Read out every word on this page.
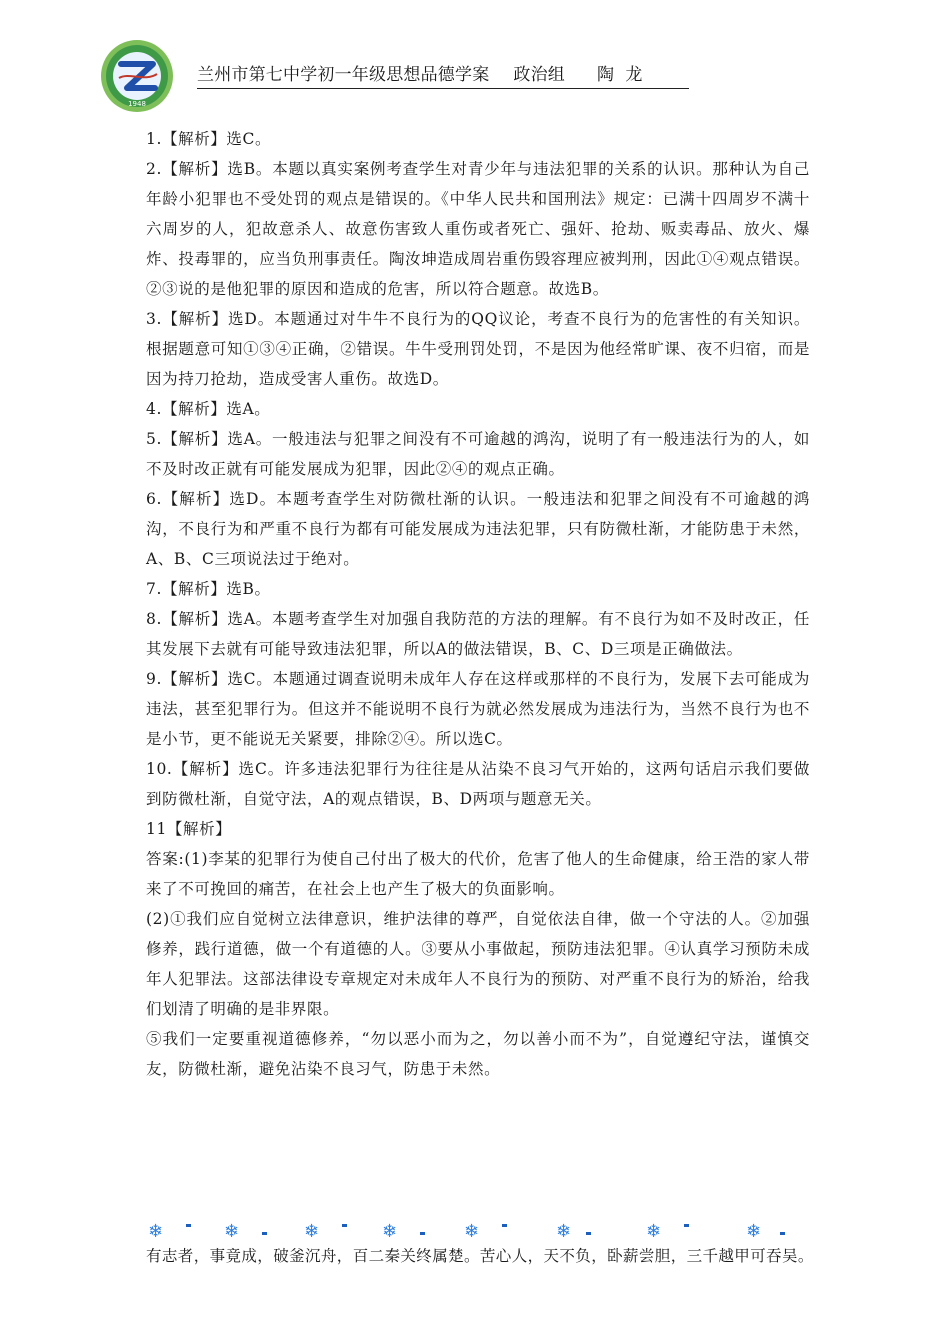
1948
兰州市第七中学初一年级思想品德学案 政治组 陶  龙

1.【解析】选C。

2.【解析】选B。本题以真实案例考查学生对青少年与违法犯罪的关系的认识。那种认为自己年龄小犯罪也不受处罚的观点是错误的。《中华人民共和国刑法》规定：已满十四周岁不满十六周岁的人，犯故意杀人、故意伤害致人重伤或者死亡、强奸、抢劫、贩卖毒品、放火、爆炸、投毒罪的，应当负刑事责任。陶汝坤造成周岩重伤毁容理应被判刑，因此①④观点错误。②③说的是他犯罪的原因和造成的危害，所以符合题意。故选B。

3.【解析】选D。本题通过对牛牛不良行为的QQ议论，考查不良行为的危害性的有关知识。根据题意可知①③④正确，②错误。牛牛受刑罚处罚，不是因为他经常旷课、夜不归宿，而是因为持刀抢劫，造成受害人重伤。故选D。

4.【解析】选A。

5.【解析】选A。一般违法与犯罪之间没有不可逾越的鸿沟，说明了有一般违法行为的人，如不及时改正就有可能发展成为犯罪，因此②④的观点正确。

6.【解析】选D。本题考查学生对防微杜渐的认识。一般违法和犯罪之间没有不可逾越的鸿沟，不良行为和严重不良行为都有可能发展成为违法犯罪，只有防微杜渐，才能防患于未然，A、B、C三项说法过于绝对。

7.【解析】选B。

8.【解析】选A。本题考查学生对加强自我防范的方法的理解。有不良行为如不及时改正，任其发展下去就有可能导致违法犯罪，所以A的做法错误，B、C、D三项是正确做法。

9.【解析】选C。本题通过调查说明未成年人存在这样或那样的不良行为，发展下去可能成为违法，甚至犯罪行为。但这并不能说明不良行为就必然发展成为违法行为，当然不良行为也不是小节，更不能说无关紧要，排除②④。所以选C。

10.【解析】选C。许多违法犯罪行为往往是从沾染不良习气开始的，这两句话启示我们要做到防微杜渐，自觉守法，A的观点错误，B、D两项与题意无关。

11【解析】

答案:(1)李某的犯罪行为使自己付出了极大的代价，危害了他人的生命健康，给王浩的家人带来了不可挽回的痛苦，在社会上也产生了极大的负面影响。

(2)①我们应自觉树立法律意识，维护法律的尊严，自觉依法自律，做一个守法的人。②加强修养，践行道德，做一个有道德的人。③要从小事做起，预防违法犯罪。④认真学习预防未成年人犯罪法。这部法律设专章规定对未成年人不良行为的预防、对严重不良行为的矫治，给我们划清了明确的是非界限。

⑤我们一定要重视道德修养，“勿以恶小而为之，勿以善小而不为”，自觉遵纪守法，谨慎交友，防微杜渐，避免沾染不良习气，防患于未然。

❄	❄	❄	❄	❄	❄	❄	❄
有志者，事竟成，破釜沉舟，百二秦关终属楚。苦心人，天不负，卧薪尝胆，三千越甲可吞吴。
